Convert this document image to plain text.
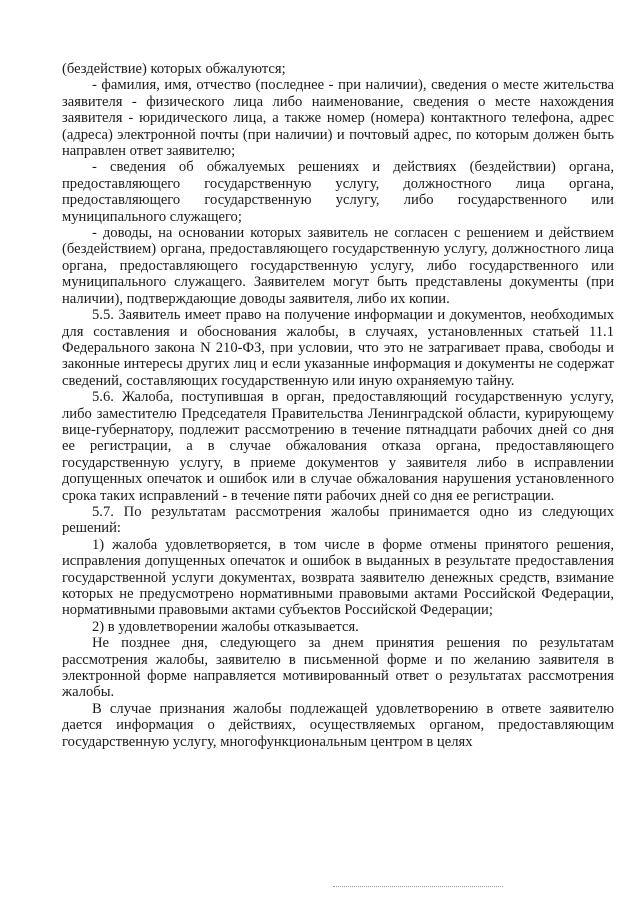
(бездействие) которых обжалуются;

- фамилия, имя, отчество (последнее - при наличии), сведения о месте жительства заявителя - физического лица либо наименование, сведения о месте нахождения заявителя - юридического лица, а также номер (номера) контактного телефона, адрес (адреса) электронной почты (при наличии) и почтовый адрес, по которым должен быть направлен ответ заявителю;

- сведения об обжалуемых решениях и действиях (бездействии) органа, предоставляющего государственную услугу, должностного лица органа, предоставляющего государственную услугу, либо государственного или муниципального служащего;

- доводы, на основании которых заявитель не согласен с решением и действием (бездействием) органа, предоставляющего государственную услугу, должностного лица органа, предоставляющего государственную услугу, либо государственного или муниципального служащего. Заявителем могут быть представлены документы (при наличии), подтверждающие доводы заявителя, либо их копии.

5.5. Заявитель имеет право на получение информации и документов, необходимых для составления и обоснования жалобы, в случаях, установленных статьей 11.1 Федерального закона N 210-ФЗ, при условии, что это не затрагивает права, свободы и законные интересы других лиц и если указанные информация и документы не содержат сведений, составляющих государственную или иную охраняемую тайну.

5.6. Жалоба, поступившая в орган, предоставляющий государственную услугу, либо заместителю Председателя Правительства Ленинградской области, курирующему вице-губернатору, подлежит рассмотрению в течение пятнадцати рабочих дней со дня ее регистрации, а в случае обжалования отказа органа, предоставляющего государственную услугу, в приеме документов у заявителя либо в исправлении допущенных опечаток и ошибок или в случае обжалования нарушения установленного срока таких исправлений - в течение пяти рабочих дней со дня ее регистрации.

5.7. По результатам рассмотрения жалобы принимается одно из следующих решений:

1) жалоба удовлетворяется, в том числе в форме отмены принятого решения, исправления допущенных опечаток и ошибок в выданных в результате предоставления государственной услуги документах, возврата заявителю денежных средств, взимание которых не предусмотрено нормативными правовыми актами Российской Федерации, нормативными правовыми актами субъектов Российской Федерации;

2) в удовлетворении жалобы отказывается.

Не позднее дня, следующего за днем принятия решения по результатам рассмотрения жалобы, заявителю в письменной форме и по желанию заявителя в электронной форме направляется мотивированный ответ о результатах рассмотрения жалобы.

В случае признания жалобы подлежащей удовлетворению в ответе заявителю дается информация о действиях, осуществляемых органом, предоставляющим государственную услугу, многофункциональным центром в целях
